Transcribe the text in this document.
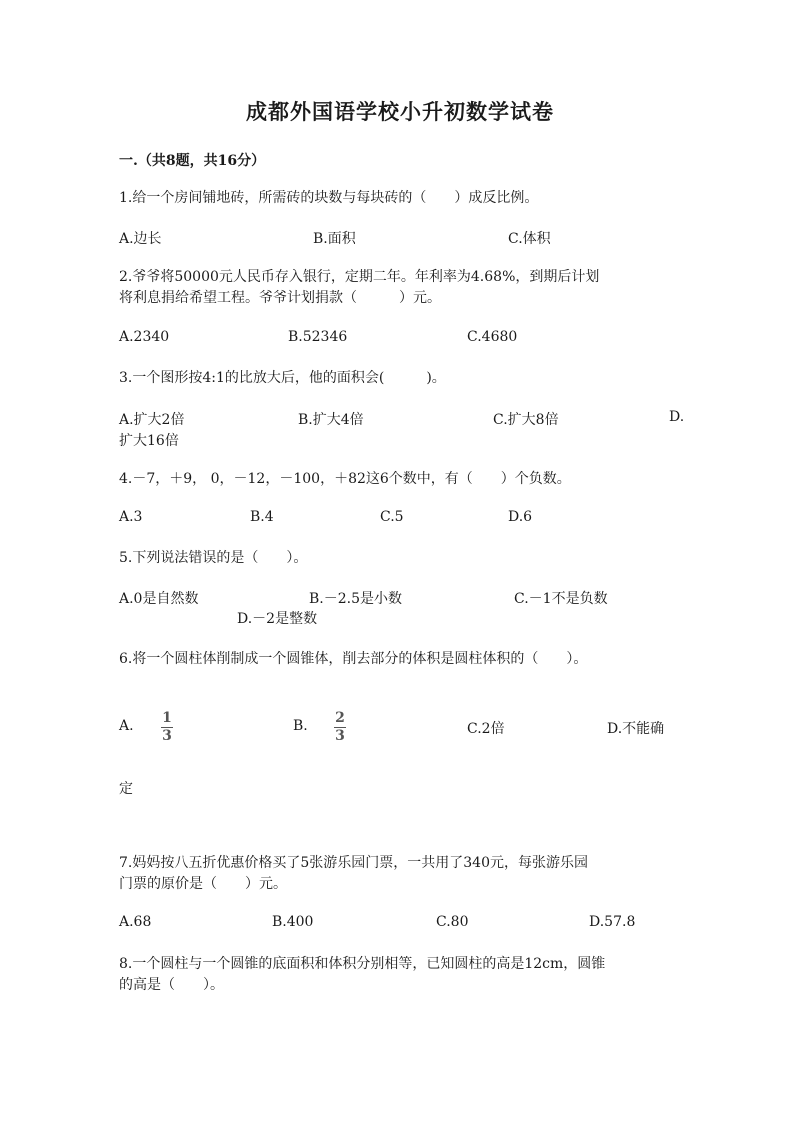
成都外国语学校小升初数学试卷
一.（共8题，共16分）
1.给一个房间铺地砖，所需砖的块数与每块砖的（　　）成反比例。
A.边长	B.面积	C.体积
2.爷爷将50000元人民币存入银行，定期二年。年利率为4.68%，到期后计划
将利息捐给希望工程。爷爷计划捐款（　　　）元。
A.2340	B.52346	C.4680
3.一个图形按4:1的比放大后，他的面积会(　　　)。
A.扩大2倍	B.扩大4倍	C.扩大8倍	D.
扩大16倍
4.－7，＋9， 0，－12，－100，＋82这6个数中，有（　　）个负数。
A.3	B.4	C.5	D.6
5.下列说法错误的是（　　）。
A.0是自然数	B.－2.5是小数	C.－1不是负数
D.－2是整数
6.将一个圆柱体削制成一个圆锥体，削去部分的体积是圆柱体积的（　　）。
A. 1
3
B. 2
3	C.2倍	D.不能确
定
7.妈妈按八五折优惠价格买了5张游乐园门票，一共用了340元，每张游乐园
门票的原价是（　　）元。
A.68	B.400	C.80	D.57.8
8.一个圆柱与一个圆锥的底面积和体积分别相等，已知圆柱的高是12cm，圆锥
的高是（　　）。
